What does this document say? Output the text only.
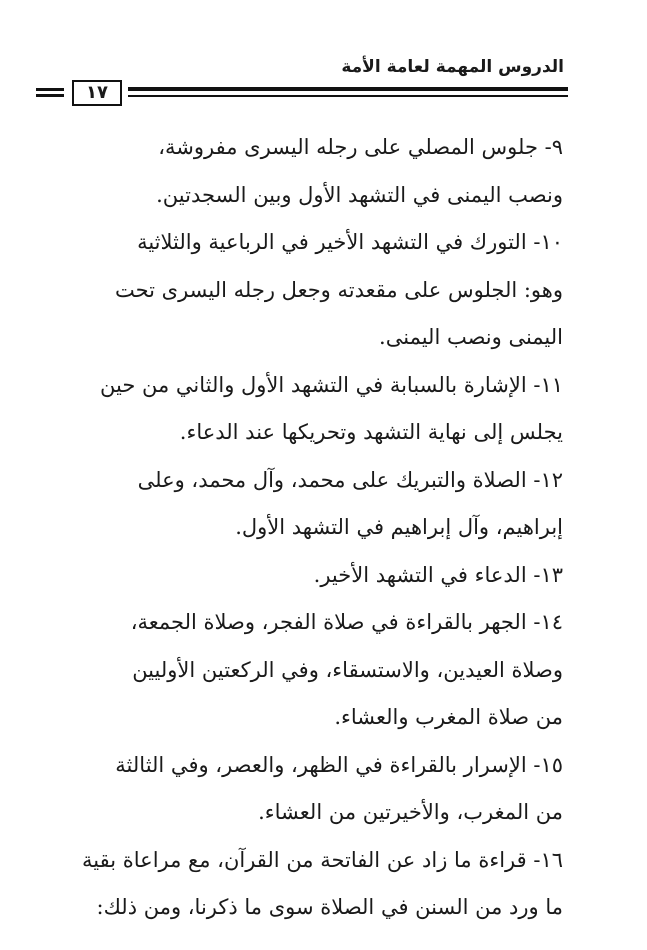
الدروس المهمة لعامة الأمة
١٧
٩- جلوس المصلي على رجله اليسرى مفروشة،
ونصب اليمنى في التشهد الأول وبين السجدتين.
١٠- التورك في التشهد الأخير في الرباعية والثلاثية
وهو: الجلوس على مقعدته وجعل رجله اليسرى تحت
اليمنى ونصب اليمنى.
١١- الإشارة بالسبابة في التشهد الأول والثاني من حين
يجلس إلى نهاية التشهد وتحريكها عند الدعاء.
١٢- الصلاة والتبريك على محمد، وآل محمد، وعلى
إبراهيم، وآل إبراهيم في التشهد الأول.
١٣- الدعاء في التشهد الأخير.
١٤- الجهر بالقراءة في صلاة الفجر، وصلاة الجمعة،
وصلاة العيدين، والاستسقاء، وفي الركعتين الأوليين
من صلاة المغرب والعشاء.
١٥- الإسرار بالقراءة في الظهر، والعصر، وفي الثالثة
من المغرب، والأخيرتين من العشاء.
١٦- قراءة ما زاد عن الفاتحة من القرآن، مع مراعاة بقية
ما ورد من السنن في الصلاة سوى ما ذكرنا، ومن ذلك:
